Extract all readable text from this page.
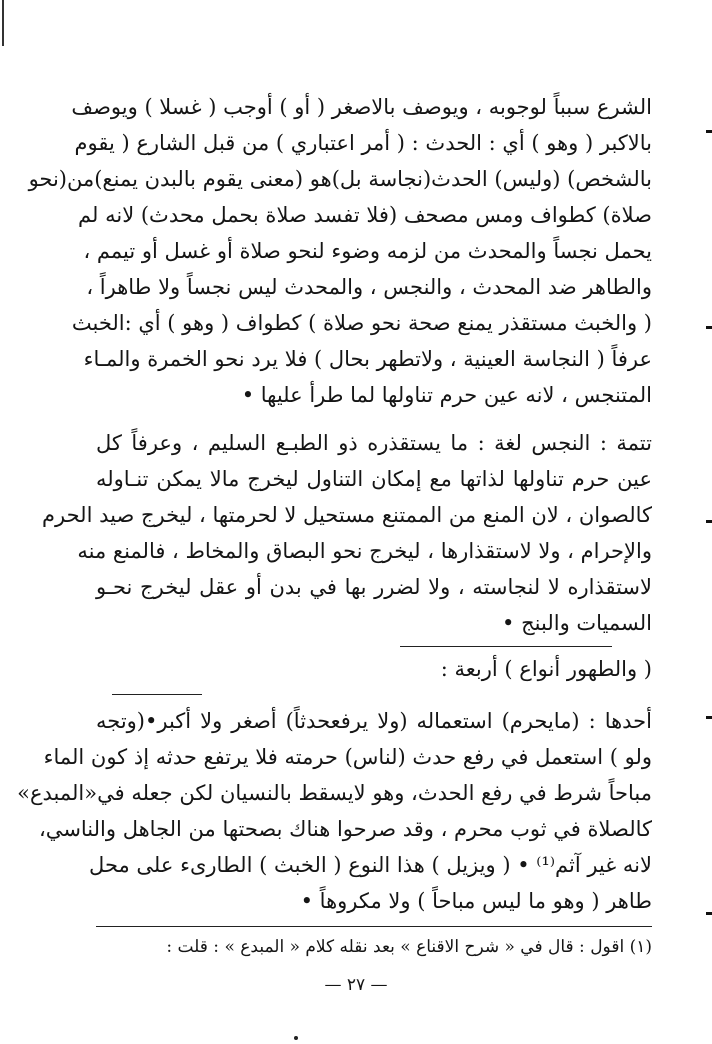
الشرع سبباً لوجوبه ، ويوصف بالاصغر ( أو ) أوجب ( غسلا ) ويوصف
بالاكبر ( وهو ) أي : الحدث : ( أمر اعتباري ) من قبل الشارع ( يقوم
بالشخص) (وليس) الحدث(نجاسة بل)هو (معنى يقوم بالبدن يمنع)من(نحو
صلاة) كطواف ومس مصحف (فلا تفسد صلاة بحمل محدث) لانه لم
يحمل نجساً والمحدث من لزمه وضوء لنحو صلاة أو غسل أو تيمم ،
والطاهر ضد المحدث ، والنجس ، والمحدث ليس نجساً ولا طاهراً ،
( والخبث مستقذر يمنع صحة نحو صلاة ) كطواف ( وهو ) أي :الخبث
عرفاً ( النجاسة العينية ، ولاتطهر بحال ) فلا يرد نحو الخمرة والمـاء
المتنجس ، لانه عين حرم تناولها لما طرأ عليها •
تتمة : النجس لغة : ما يستقذره ذو الطبـع السليم ، وعرفاً كل
عين حرم تناولها لذاتها مع إمكان التناول ليخرج مالا يمكن تنـاوله
كالصوان ، لان المنع من الممتنع مستحيل لا لحرمتها ، ليخرج صيد الحرم
والإحرام ، ولا لاستقذارها ، ليخرج نحو البصاق والمخاط ، فالمنع منه
لاستقذاره لا لنجاسته ، ولا لضرر بها في بدن أو عقل ليخرج نحـو
السميات والبنج •
( والطهور أنواع ) أربعة :
أحدها : (مايحرم) استعماله (ولا يرفعحدثاً) أصغر ولا أكبر•(وتجه
ولو ) استعمل في رفع حدث (لناس) حرمته فلا يرتفع حدثه إذ كون الماء
مباحاً شرط في رفع الحدث، وهو لايسقط بالنسيان لكن جعله في«المبدع»
كالصلاة في ثوب محرم ، وقد صرحوا هناك بصحتها من الجاهل والناسي،
لانه غير آثم⁽¹⁾ • ( ويزيل ) هذا النوع ( الخبث ) الطارىء على محل
طاهر ( وهو ما ليس مباحاً ) ولا مكروهاً •
(١) اقول : قال في « شرح الاقناع » بعد نقله كلام « المبدع » : قلت :
— ٢٧ —
